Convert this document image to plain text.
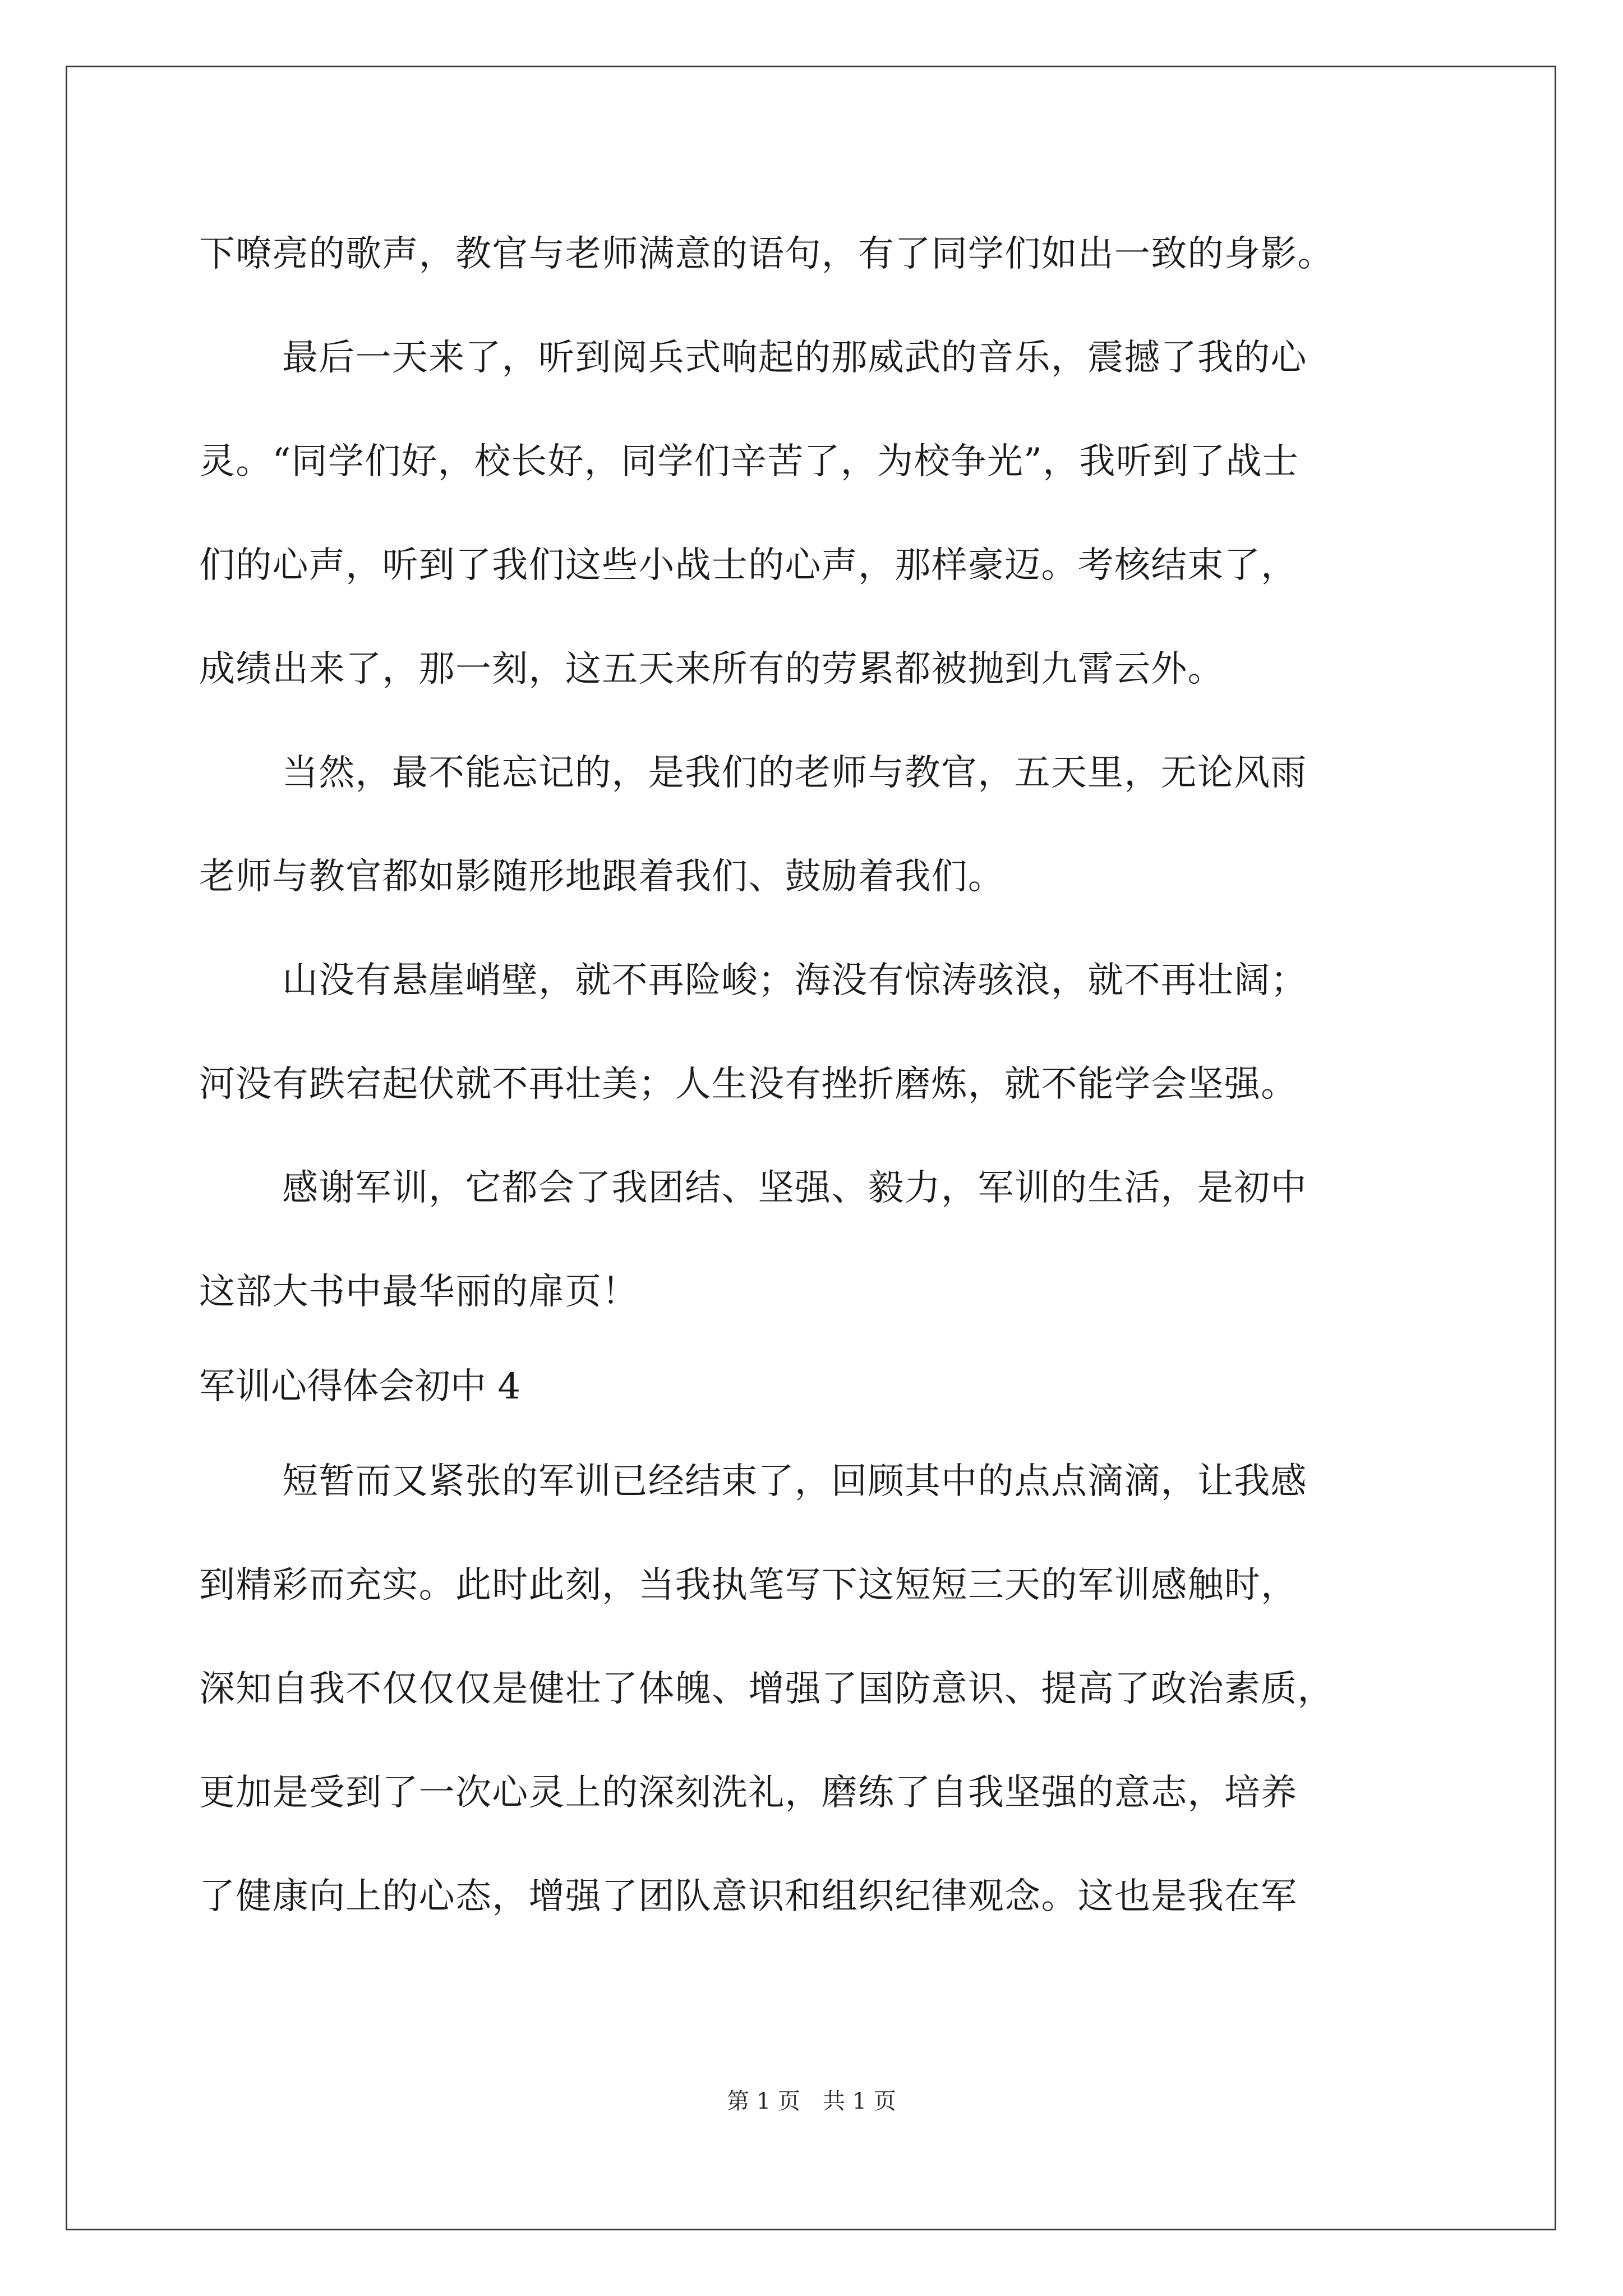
下嘹亮的歌声，教官与老师满意的语句，有了同学们如出一致的身影。
最后一天来了，听到阅兵式响起的那威武的音乐，震撼了我的心
灵。“同学们好，校长好，同学们辛苦了，为校争光”，我听到了战士
们的心声，听到了我们这些小战士的心声，那样豪迈。考核结束了，
成绩出来了，那一刻，这五天来所有的劳累都被抛到九霄云外。
当然，最不能忘记的，是我们的老师与教官，五天里，无论风雨
老师与教官都如影随形地跟着我们、鼓励着我们。
山没有悬崖峭壁，就不再险峻；海没有惊涛骇浪，就不再壮阔；
河没有跌宕起伏就不再壮美；人生没有挫折磨炼，就不能学会坚强。
感谢军训，它都会了我团结、坚强、毅力，军训的生活，是初中
这部大书中最华丽的扉页！
军训心得体会初中 4
短暂而又紧张的军训已经结束了，回顾其中的点点滴滴，让我感
到精彩而充实。此时此刻，当我执笔写下这短短三天的军训感触时，
深知自我不仅仅仅是健壮了体魄、增强了国防意识、提高了政治素质，
更加是受到了一次心灵上的深刻洗礼，磨练了自我坚强的意志，培养
了健康向上的心态，增强了团队意识和组织纪律观念。这也是我在军
第 1 页　共 1 页
